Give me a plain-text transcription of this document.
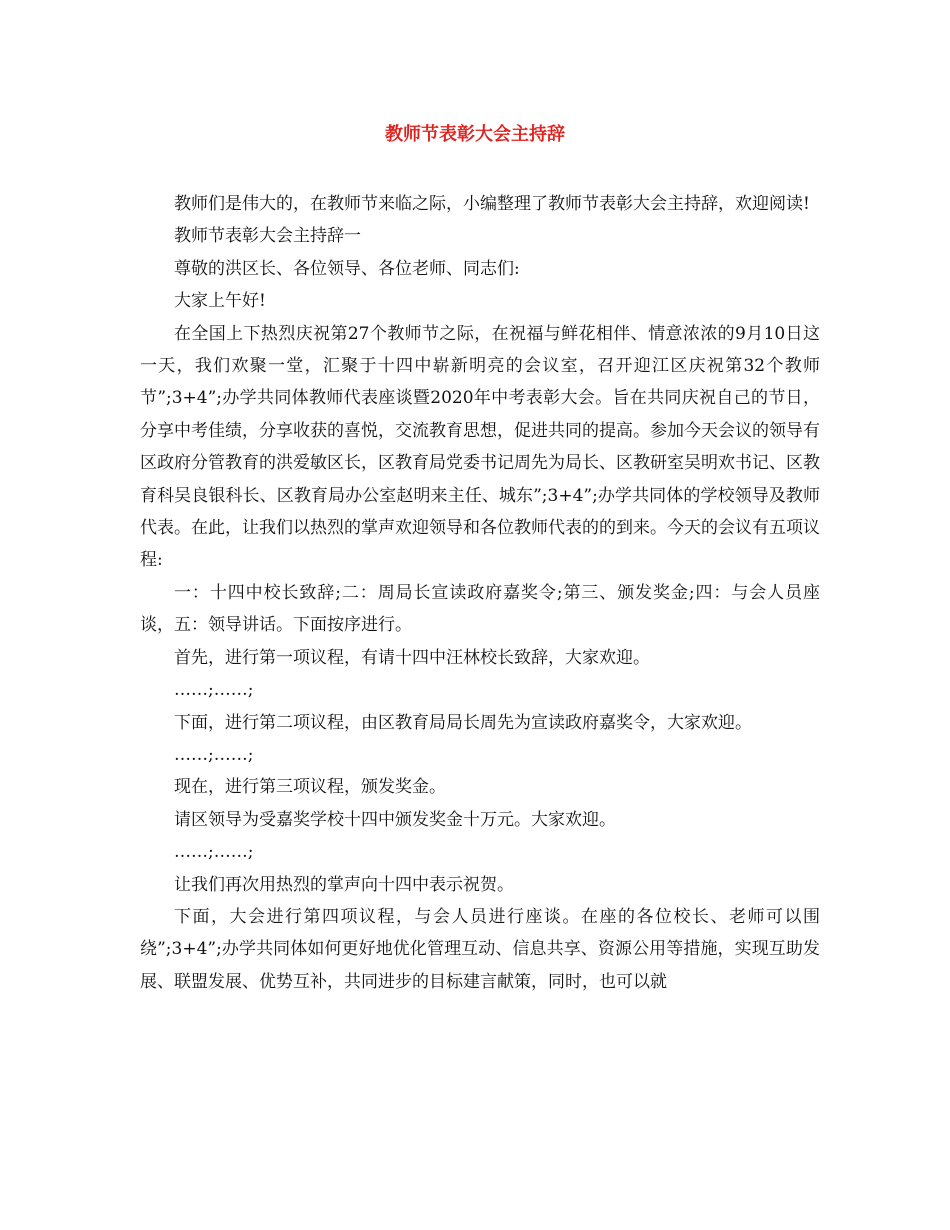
教师节表彰大会主持辞

教师们是伟大的，在教师节来临之际，小编整理了教师节表彰大会主持辞，欢迎阅读!

教师节表彰大会主持辞一

尊敬的洪区长、各位领导、各位老师、同志们:

大家上午好!

在全国上下热烈庆祝第27个教师节之际，在祝福与鲜花相伴、情意浓浓的9月10日这一天，我们欢聚一堂，汇聚于十四中崭新明亮的会议室，召开迎江区庆祝第32个教师节”;3+4”;办学共同体教师代表座谈暨2020年中考表彰大会。旨在共同庆祝自己的节日，分享中考佳绩，分享收获的喜悦，交流教育思想，促进共同的提高。参加今天会议的领导有区政府分管教育的洪爱敏区长，区教育局党委书记周先为局长、区教研室吴明欢书记、区教育科吴良银科长、区教育局办公室赵明来主任、城东”;3+4”;办学共同体的学校领导及教师代表。在此，让我们以热烈的掌声欢迎领导和各位教师代表的的到来。今天的会议有五项议程:

一：十四中校长致辞;二：周局长宣读政府嘉奖令;第三、颁发奖金;四：与会人员座谈，五：领导讲话。下面按序进行。

首先，进行第一项议程，有请十四中汪林校长致辞，大家欢迎。

……;……;

下面，进行第二项议程，由区教育局局长周先为宣读政府嘉奖令，大家欢迎。

……;……;

现在，进行第三项议程，颁发奖金。

请区领导为受嘉奖学校十四中颁发奖金十万元。大家欢迎。

……;……;

让我们再次用热烈的掌声向十四中表示祝贺。

下面，大会进行第四项议程，与会人员进行座谈。在座的各位校长、老师可以围绕”;3+4”;办学共同体如何更好地优化管理互动、信息共享、资源公用等措施，实现互助发展、联盟发展、优势互补，共同进步的目标建言献策，同时，也可以就
